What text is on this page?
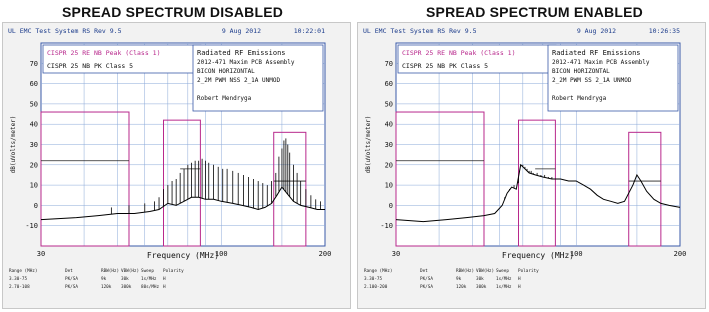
SPREAD SPECTRUM DISABLED	SPREAD SPECTRUM ENABLED
UL EMC Test System RS Rev 9.5	9 Aug 2012	10:22:01
-10
0
10
20
30
40
50
60
70
30	100	200
Frequency (MHz)
dB(uVolts/meter)
CISPR 25 RE NB Peak (Class 1)
CISPR 25 NB PK Class 5
Radiated RF Emissions
2012-471 Maxim PCB Assembly
BICON HORIZONTAL
2_2M PWM NSS 2_1A UNMOD
Robert Mendryga
Range (MHz)	Det	RBW(Hz) VBW(Hz) Sweep Polarity
3.30-75	PK/SA	9k	30k	1s/MHz H
2.70-108	PK/SA	120k 300k 80s/MHz H
UL EMC Test System RS Rev 9.5	9 Aug 2012	10:26:35
-10
0
10
20
30
40
50
60
70
30	100	200
Frequency (MHz)
dB(uVolts/meter)
CISPR 25 RE NB Peak (Class 1)
CISPR 25 NB PK Class 5
Radiated RF Emissions
2012-471 Maxim PCB Assembly
BICON HORIZONTAL
2_2M PWM SS 2_1A UNMOD
Robert Mendryga
Range (MHz)	Det	RBW(Hz) VBW(Hz) Sweep Polarity
3.30-75	PK/SA	9k	30k	1s/MHz H
2.100-200	PK/SA	120k 300k 1s/MHz H
